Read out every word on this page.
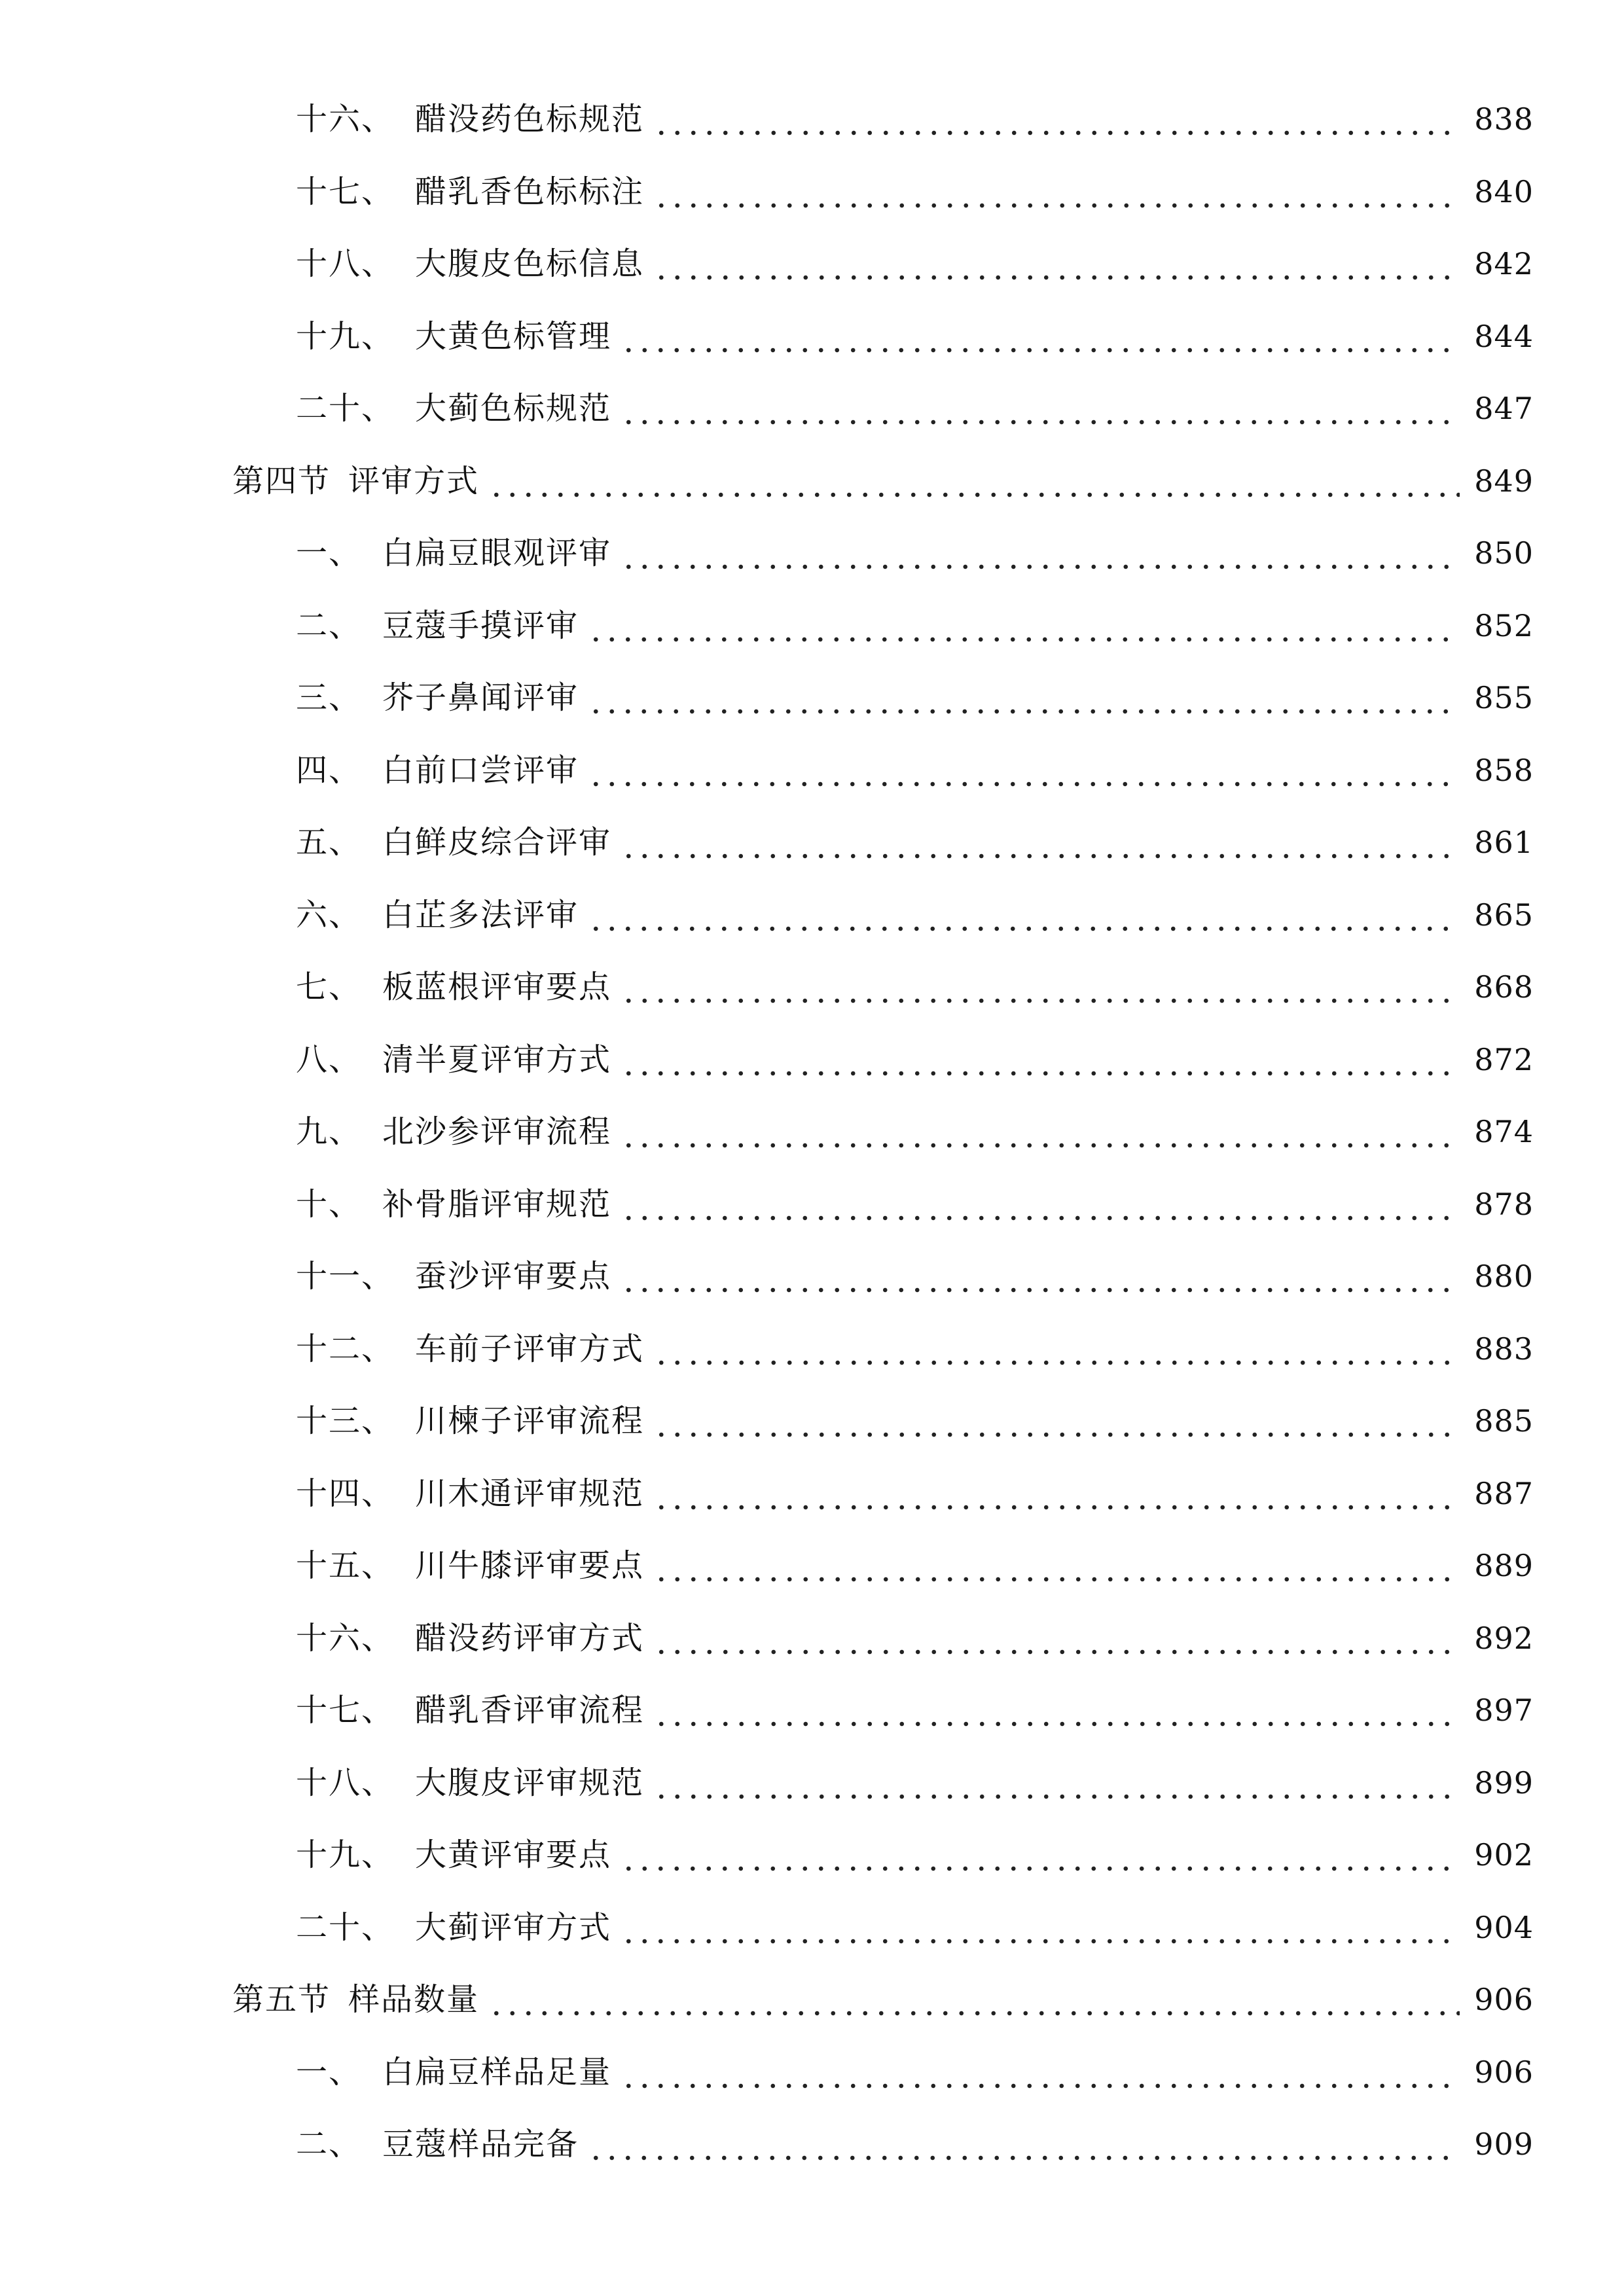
十六、 醋没药色标规范	838
十七、 醋乳香色标标注	840
十八、 大腹皮色标信息	842
十九、 大黄色标管理	844
二十、 大蓟色标规范	847
第四节 评审方式	849
一、 白扁豆眼观评审	850
二、 豆蔻手摸评审	852
三、 芥子鼻闻评审	855
四、 白前口尝评审	858
五、 白鲜皮综合评审	861
六、 白芷多法评审	865
七、 板蓝根评审要点	868
八、 清半夏评审方式	872
九、 北沙参评审流程	874
十、 补骨脂评审规范	878
十一、 蚕沙评审要点	880
十二、 车前子评审方式	883
十三、 川楝子评审流程	885
十四、 川木通评审规范	887
十五、 川牛膝评审要点	889
十六、 醋没药评审方式	892
十七、 醋乳香评审流程	897
十八、 大腹皮评审规范	899
十九、 大黄评审要点	902
二十、 大蓟评审方式	904
第五节 样品数量	906
一、 白扁豆样品足量	906
二、 豆蔻样品完备	909
